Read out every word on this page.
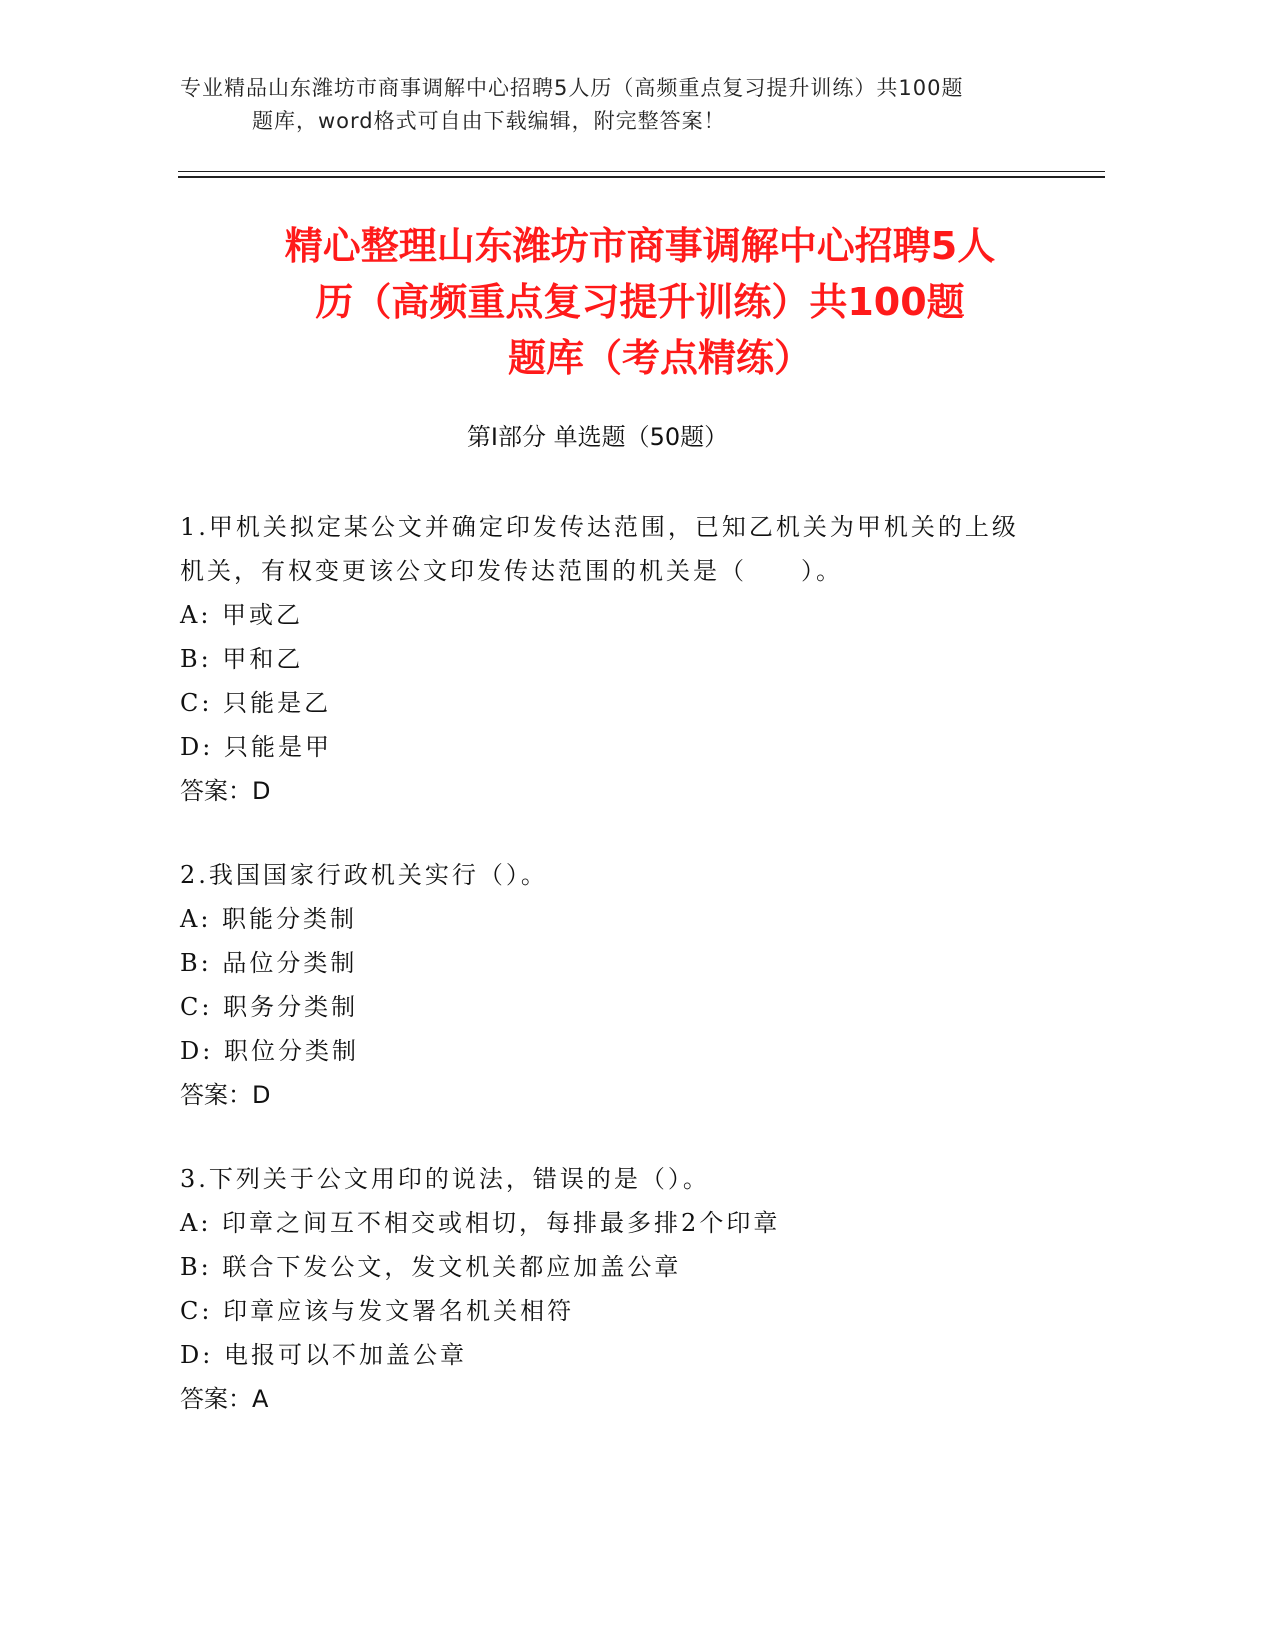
专业精品山东潍坊市商事调解中心招聘5人历（高频重点复习提升训练）共100题
题库，word格式可自由下载编辑，附完整答案！
精心整理山东潍坊市商事调解中心招聘5人
历（高频重点复习提升训练）共100题
题库（考点精练）
第Ⅰ部分 单选题（50题）
1.甲机关拟定某公文并确定印发传达范围，已知乙机关为甲机关的上级机关，有权变更该公文印发传达范围的机关是（　　）。
A: 甲或乙
B: 甲和乙
C: 只能是乙
D: 只能是甲
答案：D
2.我国国家行政机关实行（）。
A: 职能分类制
B: 品位分类制
C: 职务分类制
D: 职位分类制
答案：D
3.下列关于公文用印的说法，错误的是（）。
A: 印章之间互不相交或相切，每排最多排2个印章
B: 联合下发公文，发文机关都应加盖公章
C: 印章应该与发文署名机关相符
D: 电报可以不加盖公章
答案：A
